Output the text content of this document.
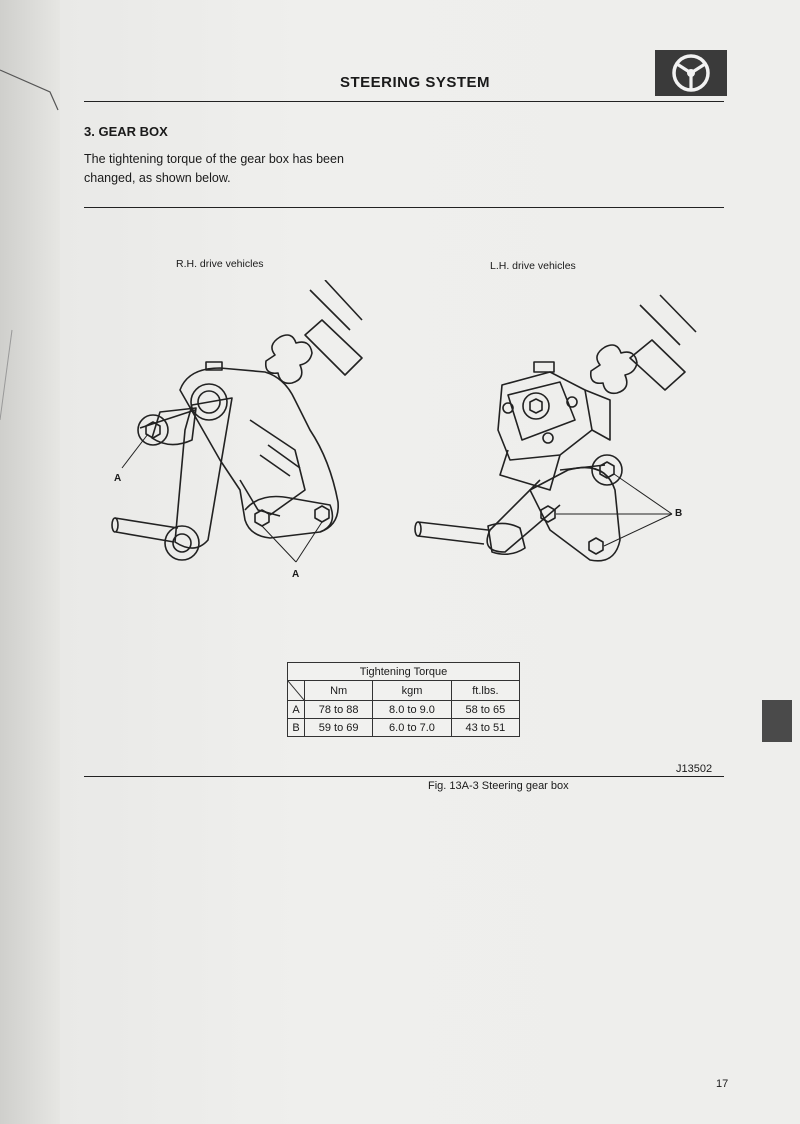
STEERING SYSTEM
3. GEAR BOX
The tightening torque of the gear box has been
changed, as shown below.
R.H. drive vehicles	L.H. drive vehicles
A
A
B
Tightening Torque			

	Nm	kgm	ft.lbs.
A	78 to 88	8.0 to 9.0	58 to 65
B	59 to 69	6.0 to 7.0	43 to 51
J13502
Fig. 13A-3 Steering gear box
17
